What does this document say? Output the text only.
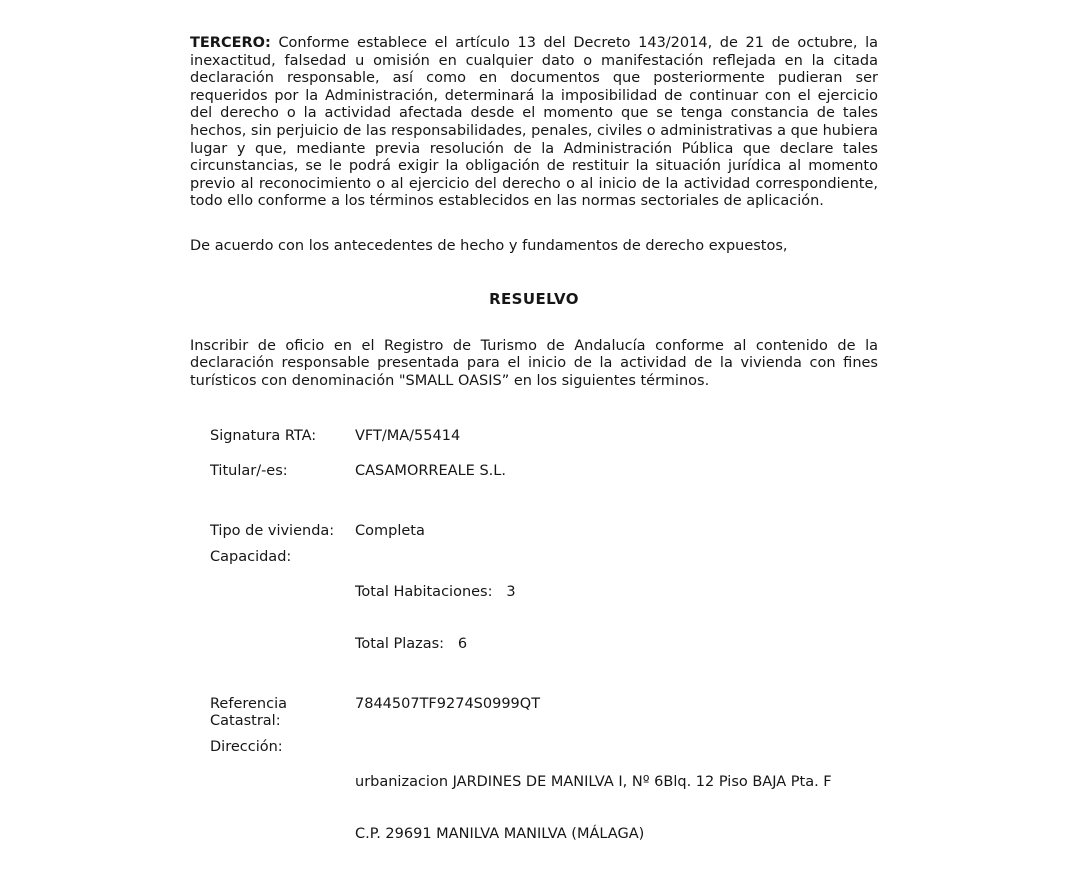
TERCERO: Conforme establece el artículo 13 del Decreto 143/2014, de 21 de octubre, la inexactitud, falsedad u omisión en cualquier dato o manifestación reflejada en la citada declaración responsable, así como en documentos que posteriormente pudieran ser requeridos por la Administración, determinará la imposibilidad de continuar con el ejercicio del derecho o la actividad afectada desde el momento que se tenga constancia de tales hechos, sin perjuicio de las responsabilidades, penales, civiles o administrativas a que hubiera lugar y que, mediante previa resolución de la Administración Pública que declare tales circunstancias, se le podrá exigir la obligación de restituir la situación jurídica al momento previo al reconocimiento o al ejercicio del derecho o al inicio de la actividad correspondiente, todo ello conforme a los términos establecidos en las normas sectoriales de aplicación.

De acuerdo con los antecedentes de hecho y fundamentos de derecho expuestos,

RESUELVO

Inscribir de oficio en el Registro de Turismo de Andalucía conforme al contenido de la declaración responsable presentada para el inicio de la actividad de la vivienda con fines turísticos con denominación "SMALL OASIS” en los siguientes términos.

Signatura RTA:	VFT/MA/55414
Titular/-es:	CASAMORREALE S.L.
Tipo de vivienda:	Completa
Capacidad:

Total Habitaciones:   3

Total Plazas:   6

Referencia Catastral:
7844507TF9274S0999QT
Dirección:

urbanizacion JARDINES DE MANILVA I, Nº 6Blq. 12 Piso BAJA Pta. F

C.P. 29691 MANILVA MANILVA (MÁLAGA)
